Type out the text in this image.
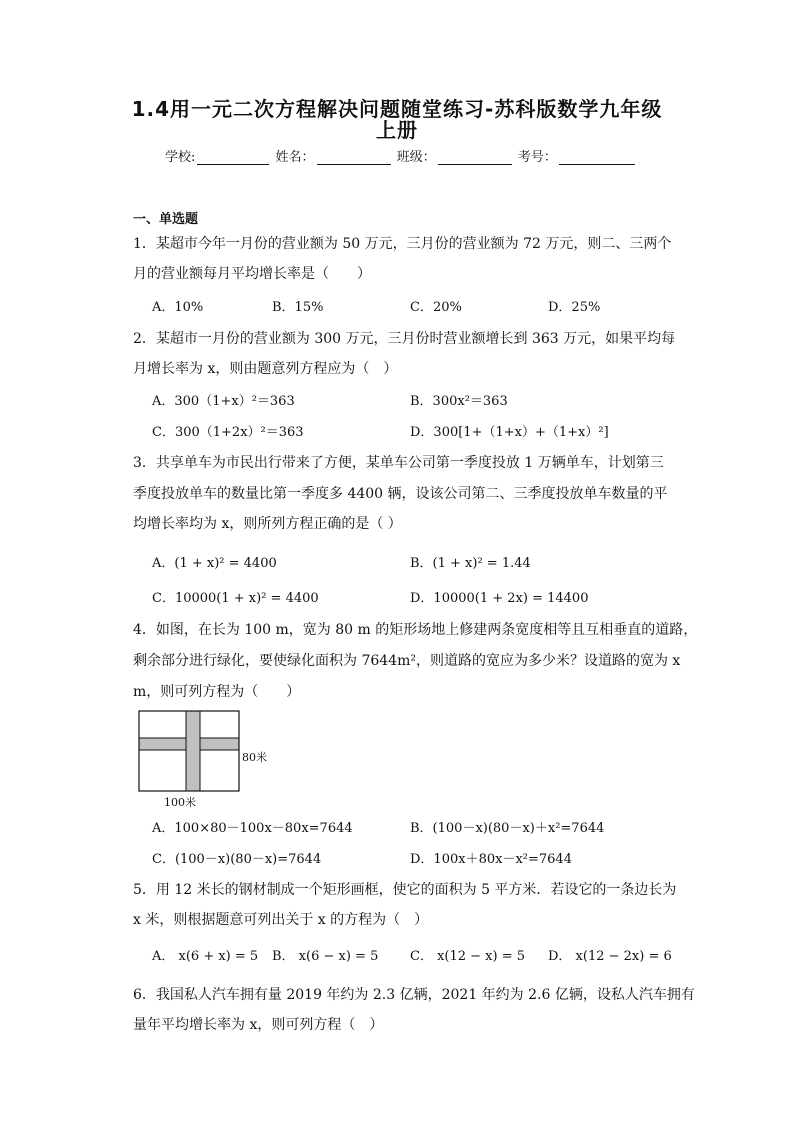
1.4用一元二次方程解决问题随堂练习-苏科版数学九年级
上册
学校:	姓名：	班级：	考号：
一、单选题
1．某超市今年一月份的营业额为 50 万元，三月份的营业额为 72 万元，则二、三两个
月的营业额每月平均增长率是（　　）
A．10%	B．15%	C．20%	D．25%
2．某超市一月份的营业额为 300 万元，三月份时营业额增长到 363 万元，如果平均每
月增长率为 x，则由题意列方程应为（　）
A．300（1+x）²＝363	B．300x²＝363
C．300（1+2x）²＝363	D．300[1+（1+x）+（1+x）²]
3．共享单车为市民出行带来了方便，某单车公司第一季度投放 1 万辆单车，计划第三
季度投放单车的数量比第一季度多 4400 辆，设该公司第二、三季度投放单车数量的平
均增长率均为 x，则所列方程正确的是（ ）
A．(1 + x)² = 4400	B．(1 + x)² = 1.44
C．10000(1 + x)² = 4400	D．10000(1 + 2x) = 14400
4．如图，在长为 100 m，宽为 80 m 的矩形场地上修建两条宽度相等且互相垂直的道路，
剩余部分进行绿化，要使绿化面积为 7644m²，则道路的宽应为多少米？设道路的宽为 x
m，则可列方程为（　　）
80米
100米
A．100×80－100x－80x=7644	B．(100－x)(80－x)＋x²=7644
C．(100－x)(80－x)=7644	D．100x＋80x－x²=7644
5．用 12 米长的钢材制成一个矩形画框，使它的面积为 5 平方米．若设它的一条边长为
x 米，则根据题意可列出关于 x 的方程为（　）
A． x(6 + x) = 5 B． x(6 − x) = 5 C． x(12 − x) = 5 D． x(12 − 2x) = 6
6．我国私人汽车拥有量 2019 年约为 2.3 亿辆，2021 年约为 2.6 亿辆，设私人汽车拥有
量年平均增长率为 x，则可列方程（　）
